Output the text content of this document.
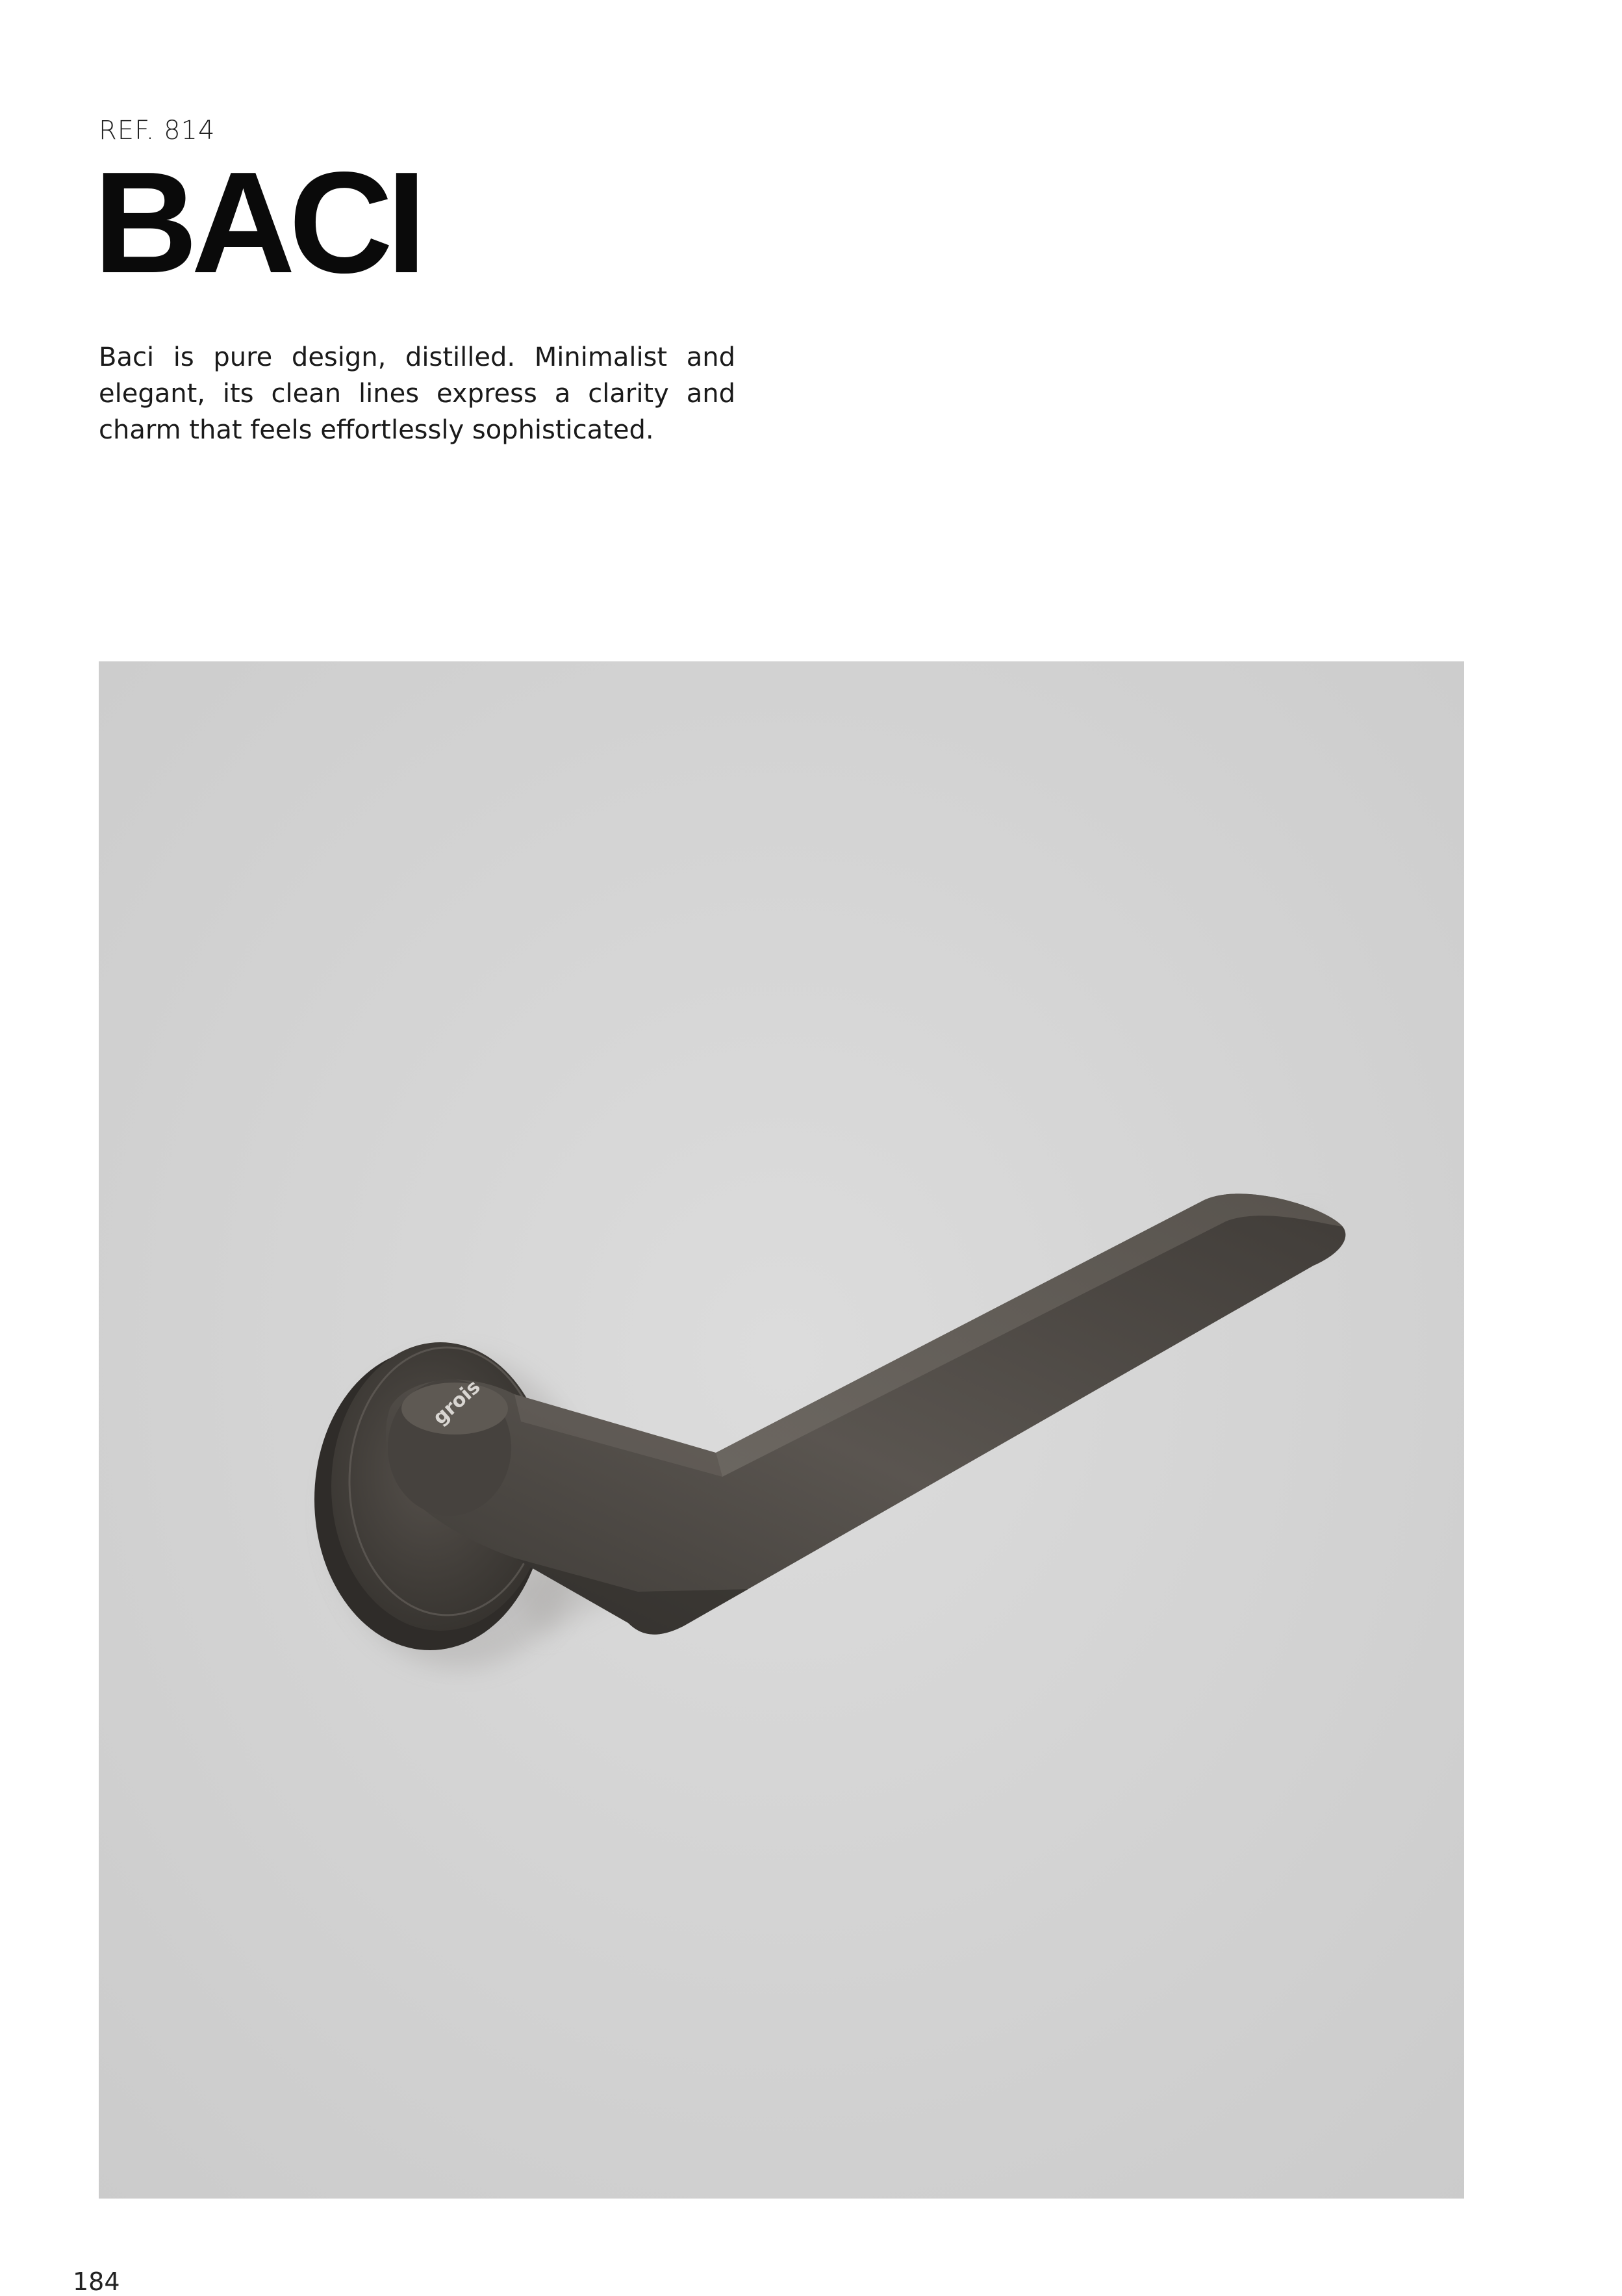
REF. 814
BACI
Baci is pure design, distilled. Minimalist and elegant, its clean lines express a clarity and charm that feels effortlessly sophisticated.
grois
184
